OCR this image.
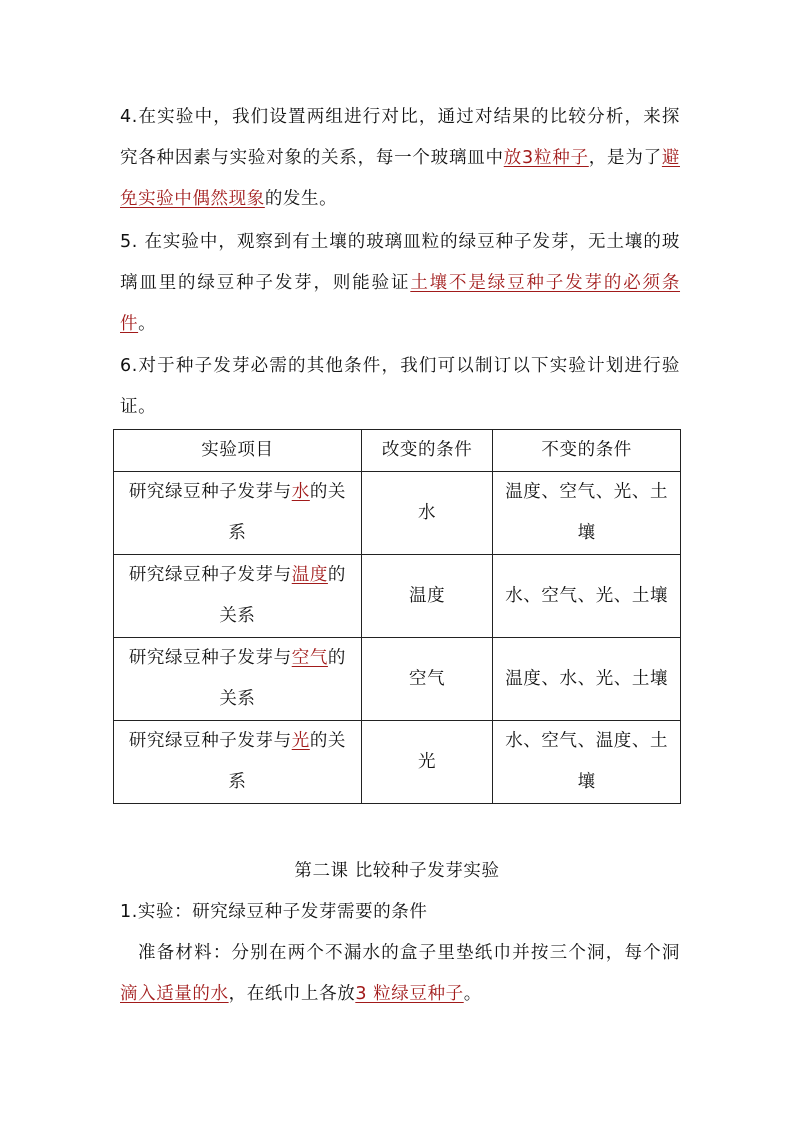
4.在实验中，我们设置两组进行对比，通过对结果的比较分析，来探究各种因素与实验对象的关系，每一个玻璃皿中放3粒种子，是为了避免实验中偶然现象的发生。
5. 在实验中，观察到有土壤的玻璃皿粒的绿豆种子发芽，无土壤的玻璃皿里的绿豆种子发芽，则能验证土壤不是绿豆种子发芽的必须条件。
6.对于种子发芽必需的其他条件，我们可以制订以下实验计划进行验证。
实验项目	改变的条件	不变的条件
研究绿豆种子发芽与水的关系	水	温度、空气、光、土壤
研究绿豆种子发芽与温度的关系	温度	水、空气、光、土壤
研究绿豆种子发芽与空气的关系	空气	温度、水、光、土壤
研究绿豆种子发芽与光的关系	光	水、空气、温度、土壤
第二课 比较种子发芽实验
1.实验：研究绿豆种子发芽需要的条件
准备材料：分别在两个不漏水的盒子里垫纸巾并按三个洞，每个洞滴入适量的水，在纸巾上各放3 粒绿豆种子。
